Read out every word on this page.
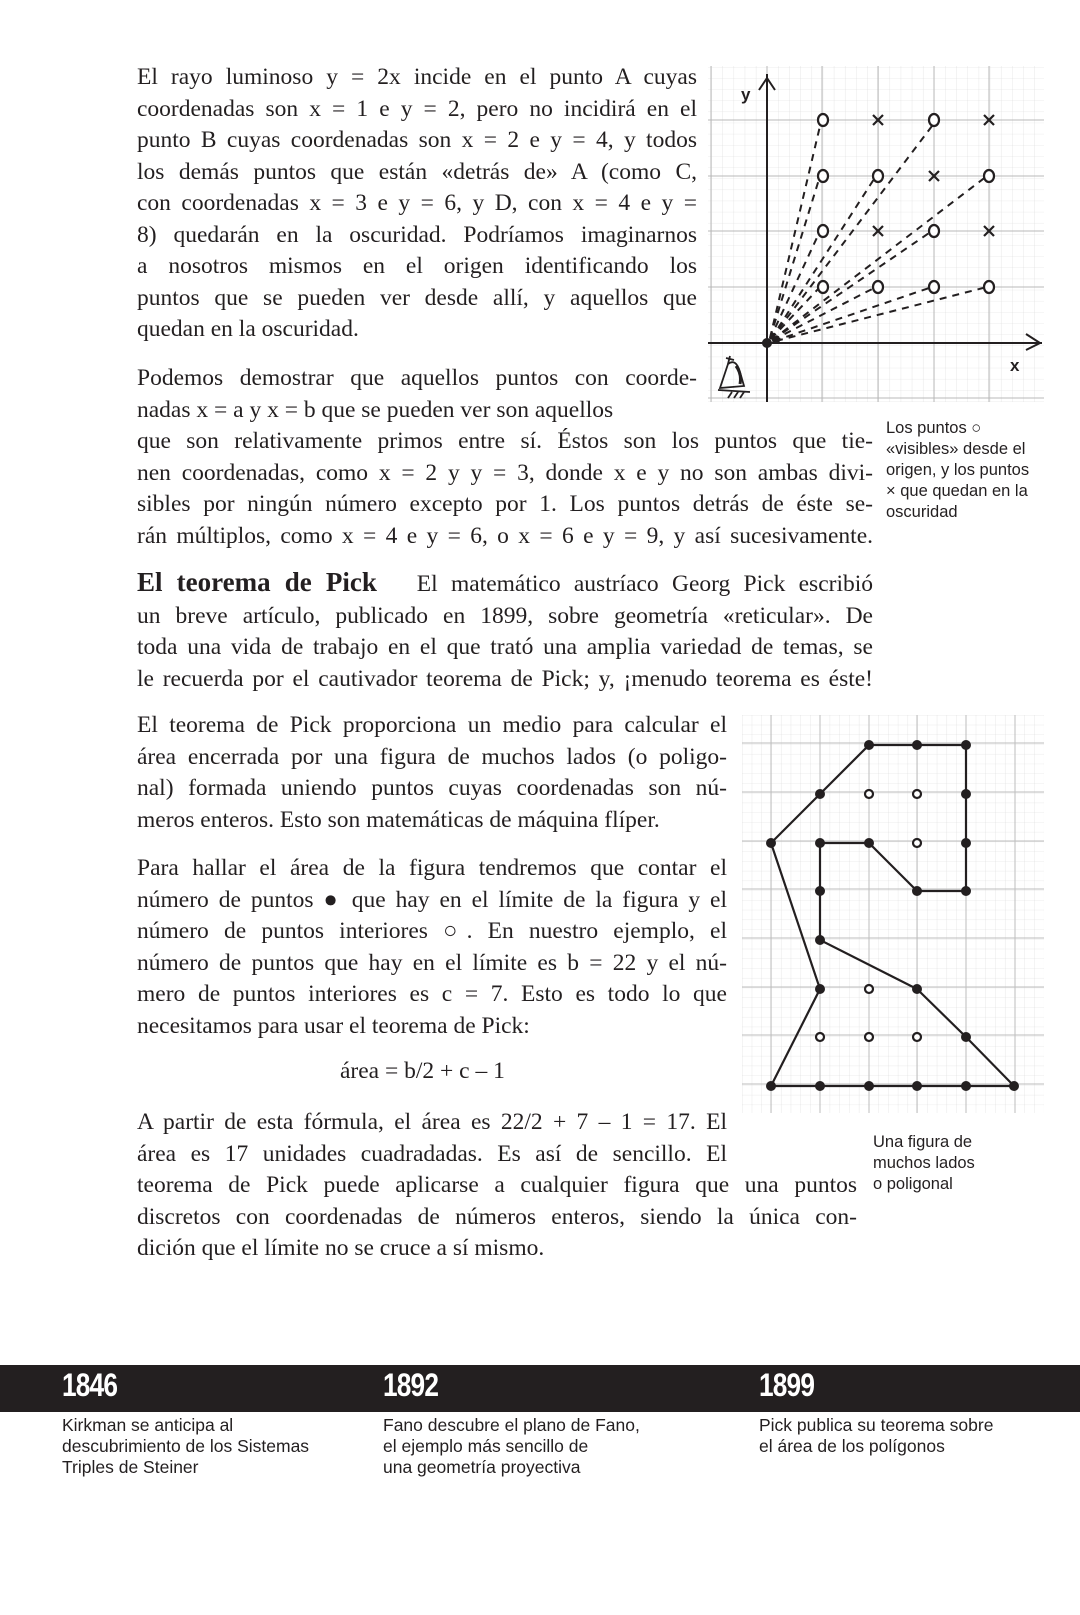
El rayo luminoso y = 2x incide en el punto A cuyas
coordenadas son x = 1 e y = 2, pero no incidirá en el
punto B cuyas coordenadas son x = 2 e y = 4, y todos
los demás puntos que están «detrás de» A (como C,
con coordenadas x = 3 e y = 6, y D, con x = 4 e y =
8) quedarán en la oscuridad. Podríamos imaginarnos
a nosotros mismos en el origen identificando los
puntos que se pueden ver desde allí, y aquellos que
quedan en la oscuridad.
Podemos demostrar que aquellos puntos con coorde-
nadas x = a y x = b que se pueden ver son aquellos
que son relativamente primos entre sí. Éstos son los puntos que tie-
nen coordenadas, como x = 2 y y = 3, donde x e y no son ambas divi-
sibles por ningún número excepto por 1. Los puntos detrás de éste se-
rán múltiplos, como x = 4 e y = 6, o x = 6 e y = 9, y así sucesivamente.
y
x
Los puntos ○
«visibles» desde el
origen, y los puntos
× que quedan en la
oscuridad
El teorema de Pick El matemático austríaco Georg Pick escribió
un breve artículo, publicado en 1899, sobre geometría «reticular». De
toda una vida de trabajo en el que trató una amplia variedad de temas, se
le recuerda por el cautivador teorema de Pick; y, ¡menudo teorema es éste!
El teorema de Pick proporciona un medio para calcular el
área encerrada por una figura de muchos lados (o poligo-
nal) formada uniendo puntos cuyas coordenadas son nú-
meros enteros. Esto son matemáticas de máquina flíper.
Para hallar el área de la figura tendremos que contar el
número de puntos ● que hay en el límite de la figura y el
número de puntos interiores ○. En nuestro ejemplo, el
número de puntos que hay en el límite es b = 22 y el nú-
mero de puntos interiores es c = 7. Esto es todo lo que
necesitamos para usar el teorema de Pick:
área = b/2 + c – 1
A partir de esta fórmula, el área es 22/2 + 7 – 1 = 17. El
área es 17 unidades cuadradadas. Es así de sencillo. El
teorema de Pick puede aplicarse a cualquier figura que una puntos
discretos con coordenadas de números enteros, siendo la única con-
dición que el límite no se cruce a sí mismo.
Una figura de
muchos lados
o poligonal
1846	1892	1899
Kirkman se anticipa al
descubrimiento de los Sistemas
Triples de Steiner
Fano descubre el plano de Fano,
el ejemplo más sencillo de
una geometría proyectiva
Pick publica su teorema sobre
el área de los polígonos
